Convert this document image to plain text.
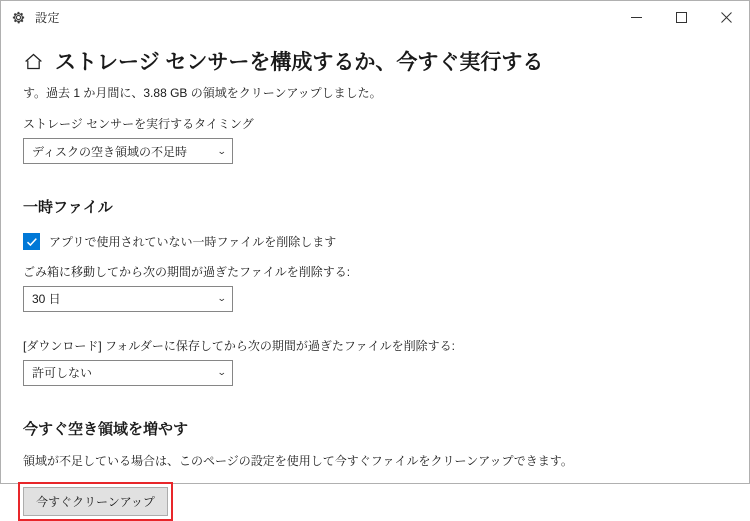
設定
ストレージ センサーを構成するか、今すぐ実行する
す。過去 1 か月間に、3.88 GB の領域をクリーンアップしました。
ストレージ センサーを実行するタイミング
ディスクの空き領域の不足時	⌄
一時ファイル
アプリで使用されていない一時ファイルを削除します
ごみ箱に移動してから次の期間が過ぎたファイルを削除する:
30 日	⌄
[ダウンロード] フォルダーに保存してから次の期間が過ぎたファイルを削除する:
許可しない	⌄
今すぐ空き領域を増やす
領域が不足している場合は、このページの設定を使用して今すぐファイルをクリーンアップできます。
今すぐクリーンアップ
